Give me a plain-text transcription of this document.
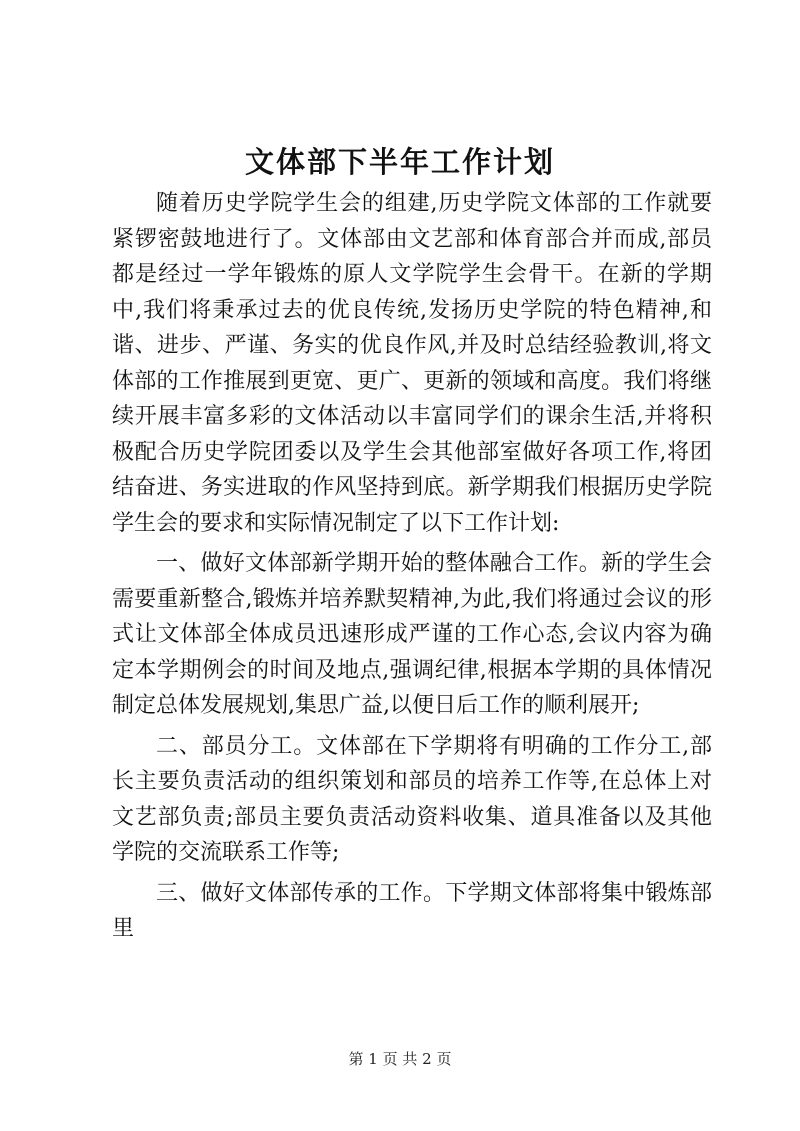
文体部下半年工作计划

随着历史学院学生会的组建,历史学院文体部的工作就要紧锣密鼓地进行了。文体部由文艺部和体育部合并而成,部员都是经过一学年锻炼的原人文学院学生会骨干。在新的学期中,我们将秉承过去的优良传统,发扬历史学院的特色精神,和谐、进步、严谨、务实的优良作风,并及时总结经验教训,将文体部的工作推展到更宽、更广、更新的领域和高度。我们将继续开展丰富多彩的文体活动以丰富同学们的课余生活,并将积极配合历史学院团委以及学生会其他部室做好各项工作,将团结奋进、务实进取的作风坚持到底。新学期我们根据历史学院学生会的要求和实际情况制定了以下工作计划:

一、做好文体部新学期开始的整体融合工作。新的学生会需要重新整合,锻炼并培养默契精神,为此,我们将通过会议的形式让文体部全体成员迅速形成严谨的工作心态,会议内容为确定本学期例会的时间及地点,强调纪律,根据本学期的具体情况制定总体发展规划,集思广益,以便日后工作的顺利展开;

二、部员分工。文体部在下学期将有明确的工作分工,部长主要负责活动的组织策划和部员的培养工作等,在总体上对文艺部负责;部员主要负责活动资料收集、道具准备以及其他学院的交流联系工作等;

三、做好文体部传承的工作。下学期文体部将集中锻炼部里

第 1 页 共 2 页
